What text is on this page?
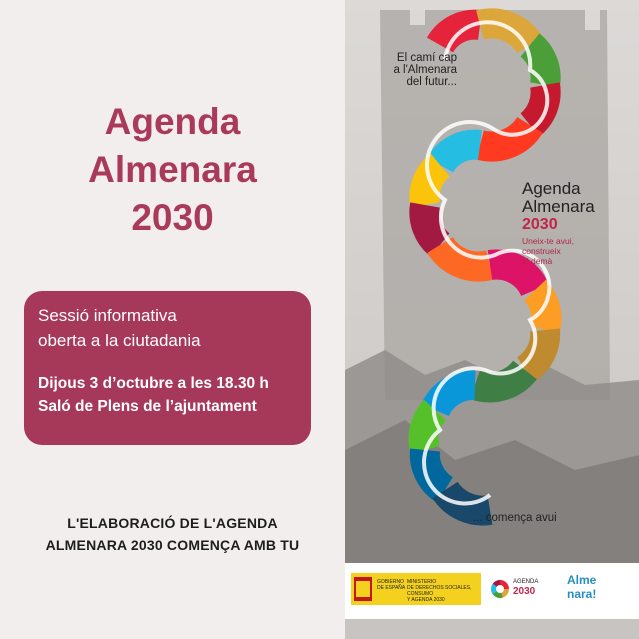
Agenda
Almenara
2030
Sessió informativa
oberta a la ciutadania
Dijous 3 d’octubre a les 18.30 h
Saló de Plens de l’ajuntament
L'ELABORACIÓ DE L'AGENDA
ALMENARA 2030 COMENÇA AMB TU
El camí cap
a l'Almenara
del futur...
Agenda
Almenara
2030
Uneix-te avui,
construeix
el demà
... comença avui
GOBIERNO
DE ESPAÑA
MINISTERIO
DE DERECHOS SOCIALES, CONSUMO
Y AGENDA 2030
AGENDA
2030
Alme
nara!
